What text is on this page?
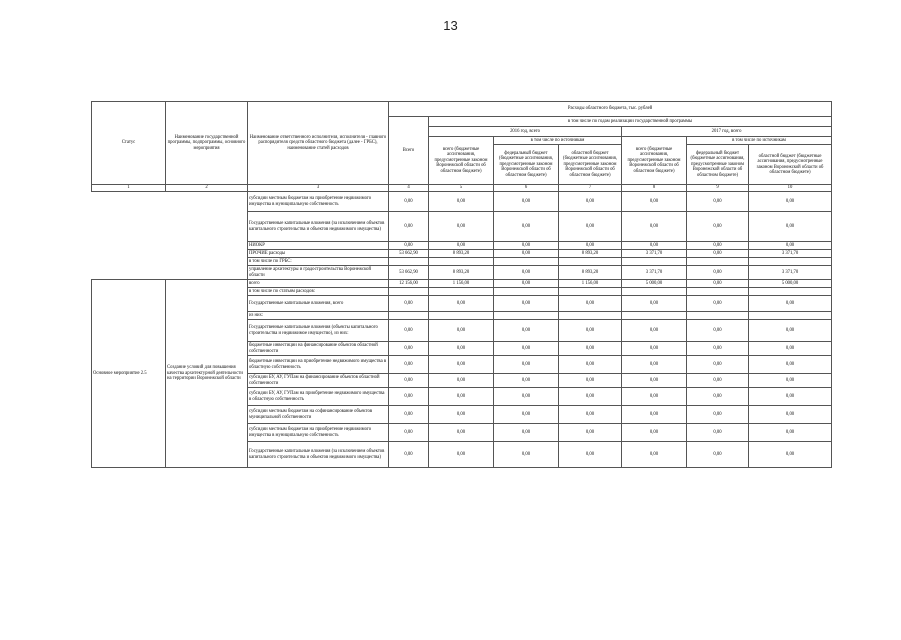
13
Статус	Наименование государственной программы, подпрограммы, основного мероприятия	Наименование ответственного исполнителя, исполнителя - главного распорядителя средств областного бюджета (далее - ГРБС), наименование статей расходов	Расходы областного бюджета, тыс. рублей						
			Всего	в том числе по годам реализации государственной программы					
				2016 год, всего			2017 год, всего		
				всего (бюджетные ассигнования, предусмотренные законом Воронежской области об областном бюджете)	в том числе по источникам		всего (бюджетные ассигнования, предусмотренные законом Воронежской области об областном бюджете)	в том числе по источникам	
					федеральный бюджет (бюджетные ассигнования, предусмотренные законом Воронежской области об областном бюджете)	областной бюджет (бюджетные ассигнования, предусмотренные законом Воронежской области об областном бюджете)		федеральный бюджет (бюджетные ассигнования, предусмотренные законом Воронежской области об областном бюджете)	областной бюджет (бюджетные ассигнования, предусмотренные законом Воронежской области об областном бюджете)
1	2	3	4	5	6	7	8	9	10
		субсидии местным бюджетам на приобретение недвижимого имущества в муниципальную собственность	0,00	0,00	0,00	0,00	0,00	0,00	0,00
		Государственные капитальные вложения (за исключением объектов капитального строительства и объектов недвижимого имущества)	0,00	0,00	0,00	0,00	0,00	0,00	0,00
		НИОКР	0,00	0,00	0,00	0,00	0,00	0,00	0,00
		ПРОЧИЕ расходы	53 662,90	8 893,20	0,00	8 893,20	3 371,70	0,00	3 371,70
		в том числе по ГРБС:							
		управление архитектуры и градостроительства Воронежской области	53 662,90	8 893,20	0,00	8 893,20	3 371,70	0,00	3 371,70
Основное мероприятие 2.5	Создание условий для повышения качества архитектурной деятельности на территории Воронежской области	всего	12 156,00	1 156,00	0,00	1 156,00	5 000,00	0,00	5 000,00
		в том числе по статьям расходов:							
		Государственные капитальные вложения, всего	0,00	0,00	0,00	0,00	0,00	0,00	0,00
		из них:							
		Государственные капитальные вложения (объекты капитального строительства и недвижимое имущество), из них:	0,00	0,00	0,00	0,00	0,00	0,00	0,00
		бюджетные инвестиции на финансирование объектов областной собственности	0,00	0,00	0,00	0,00	0,00	0,00	0,00
		бюджетные инвестиции на приобретение недвижимого имущества в областную собственность	0,00	0,00	0,00	0,00	0,00	0,00	0,00
		субсидии БУ, АУ, ГУПам на финансирование объектов областной собственности	0,00	0,00	0,00	0,00	0,00	0,00	0,00
		субсидии БУ, АУ, ГУПам на приобретение недвижимого имущества в областную собственность	0,00	0,00	0,00	0,00	0,00	0,00	0,00
		субсидии местным бюджетам на софинансирование объектов муниципальной собственности	0,00	0,00	0,00	0,00	0,00	0,00	0,00
		субсидии местным бюджетам на приобретение недвижимого имущества в муниципальную собственность	0,00	0,00	0,00	0,00	0,00	0,00	0,00
		Государственные капитальные вложения (за исключением объектов капитального строительства и объектов недвижимого имущества)	0,00	0,00	0,00	0,00	0,00	0,00	0,00
